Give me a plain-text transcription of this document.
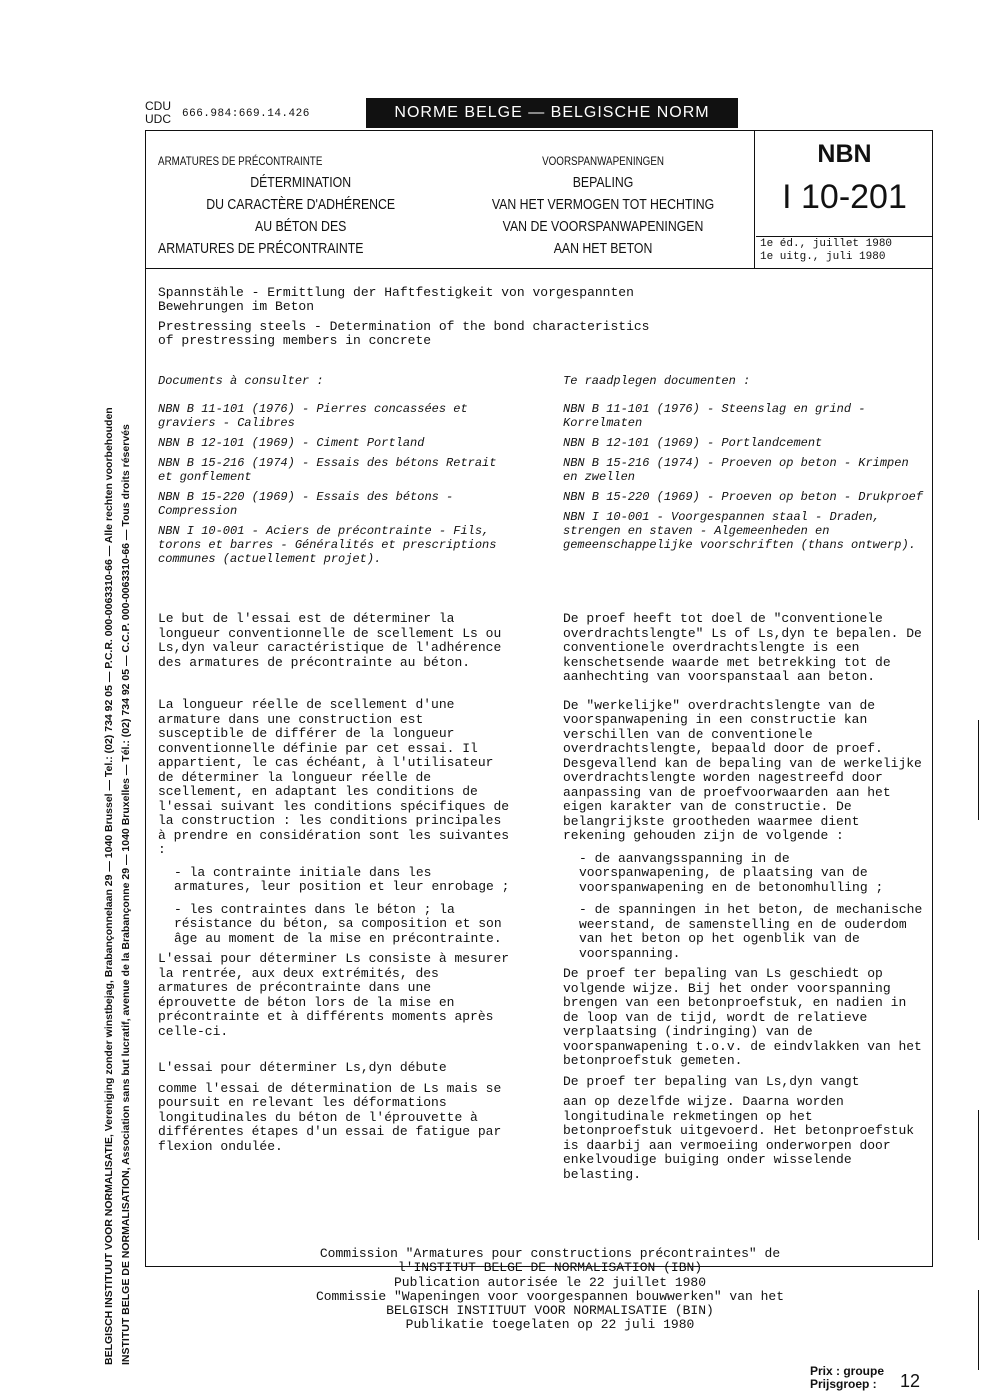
CDU
UDC 666.984:669.14.426	NORME BELGE — BELGISCHE NORM
BELGISCH INSTITUUT VOOR NORMALISATIE, Vereniging zonder winstbejag, Brabançonnelaan 29 — 1040 Brussel — Tel.: (02) 734 92 05 — P.C.R. 000-0063310-66 — Alle rechten voorbehouden INSTITUT BELGE DE NORMALISATION, Association sans but lucratif, avenue de la Brabançonne 29 — 1040 Bruxelles — Tél.: (02) 734 92 05 — C.C.P. 000-0063310-66 — Tous droits réservés
NBN
I 10-201
1e éd., juillet 1980
1e uitg., juli 1980
ARMATURES DE PRÉCONTRAINTE
DÉTERMINATION
DU CARACTÈRE D'ADHÉRENCE
AU BÉTON DES
ARMATURES DE PRÉCONTRAINTE
VOORSPANWAPENINGEN
BEPALING
VAN HET VERMOGEN TOT HECHTING
VAN DE VOORSPANWAPENINGEN
AAN HET BETON
Spannstähle - Ermittlung der Haftfestigkeit von vorgespannten
Bewehrungen im Beton
Prestressing steels - Determination of the bond characteristics
of prestressing members in concrete

Documents à consulter :

NBN B 11-101 (1976) - Pierres concassées et graviers - Calibres

NBN B 12-101 (1969) - Ciment Portland

NBN B 15-216 (1974) - Essais des bétons Retrait et gonflement

NBN B 15-220 (1969) - Essais des bétons - Compression

NBN I 10-001 - Aciers de précontrainte - Fils, torons et barres - Généralités et prescriptions communes (actuellement projet).

Te raadplegen documenten :

NBN B 11-101 (1976) - Steenslag en grind - Korrelmaten

NBN B 12-101 (1969) - Portlandcement

NBN B 15-216 (1974) - Proeven op beton - Krimpen en zwellen

NBN B 15-220 (1969) - Proeven op beton - Drukproef

NBN I 10-001 - Voorgespannen staal - Draden, strengen en staven - Algemeenheden en gemeenschappelijke voorschriften (thans ontwerp).

Le but de l'essai est de déterminer la longueur conventionnelle de scellement Ls ou Ls,dyn valeur caractéristique de l'adhérence des armatures de précontrainte au béton.

La longueur réelle de scellement d'une armature dans une construction est susceptible de différer de la longueur conventionnelle définie par cet essai. Il appartient, le cas échéant, à l'utilisateur de déterminer la longueur réelle de scellement, en adaptant les conditions de l'essai suivant les conditions spécifiques de la construction : les conditions principales à prendre en considération sont les suivantes :

- la contrainte initiale dans les armatures, leur position et leur enrobage ;

- les contraintes dans le béton ; la résistance du béton, sa composition et son âge au moment de la mise en précontrainte.

L'essai pour déterminer Ls consiste à mesurer la rentrée, aux deux extrémités, des armatures de précontrainte dans une éprouvette de béton lors de la mise en précontrainte et à différents moments après celle-ci.

L'essai pour déterminer Ls,dyn débute

comme l'essai de détermination de Ls mais se poursuit en relevant les déformations longitudinales du béton de l'éprouvette à différentes étapes d'un essai de fatigue par flexion ondulée.

De proef heeft tot doel de "conventionele overdrachtslengte" Ls of Ls,dyn te bepalen. De conventionele overdrachtslengte is een kenschetsende waarde met betrekking tot de aanhechting van voorspanstaal aan beton.

De "werkelijke" overdrachtslengte van de voorspanwapening in een constructie kan verschillen van de conventionele overdrachtslengte, bepaald door de proef. Desgevallend kan de bepaling van de werkelijke overdrachtslengte worden nagestreefd door aanpassing van de proefvoorwaarden aan het eigen karakter van de constructie. De belangrijkste grootheden waarmee dient rekening gehouden zijn de volgende :

- de aanvangsspanning in de voorspanwapening, de plaatsing van de voorspanwapening en de betonomhulling ;

- de spanningen in het beton, de mechanische weerstand, de samenstelling en de ouderdom van het beton op het ogenblik van de voorspanning.

De proef ter bepaling van Ls geschiedt op volgende wijze. Bij het onder voorspanning brengen van een betonproefstuk, en nadien in de loop van de tijd, wordt de relatieve verplaatsing (indringing) van de voorspanwapening t.o.v. de eindvlakken van het betonproefstuk gemeten.

De proef ter bepaling van Ls,dyn vangt

aan op dezelfde wijze. Daarna worden longitudinale rekmetingen op het betonproefstuk uitgevoerd. Het betonproefstuk is daarbij aan vermoeiing onderworpen door enkelvoudige buiging onder wisselende belasting.

Commission "Armatures pour constructions précontraintes" de
l'INSTITUT BELGE DE NORMALISATION (IBN)
Publication autorisée le 22 juillet 1980
Commissie "Wapeningen voor voorgespannen bouwwerken" van het
BELGISCH INSTITUUT VOOR NORMALISATIE (BIN)
Publikatie toegelaten op 22 juli 1980
Prix : groupe
Prijsgroep :	12
